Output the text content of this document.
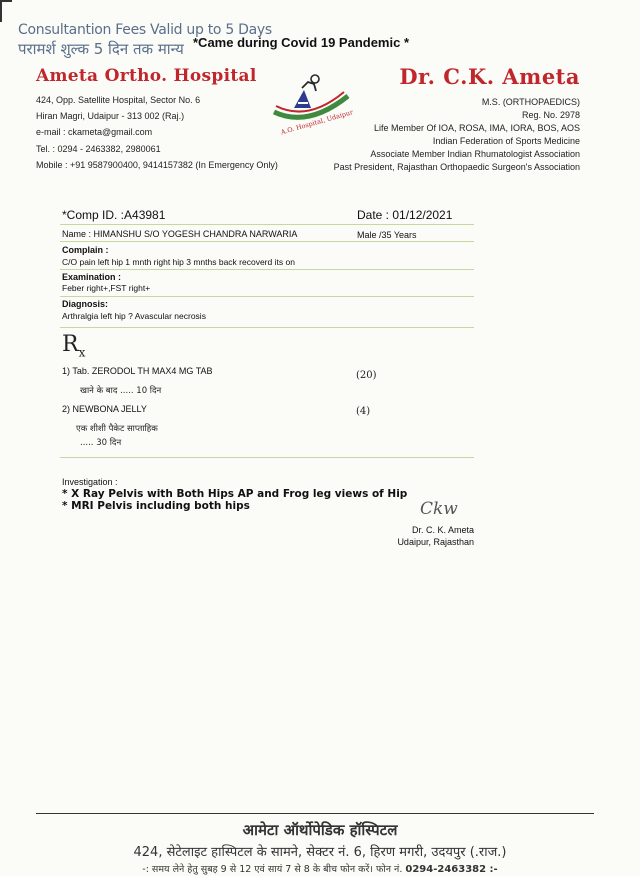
Consultantion Fees Valid up to 5 Days
परामर्श शुल्क 5 दिन तक मान्य *Came during Covid 19 Pandemic *
Ameta Ortho. Hospital
424, Opp. Satellite Hospital, Sector No. 6
Hiran Magri, Udaipur - 313 002 (Raj.)
e-mail : ckameta@gmail.com
Tel. : 0294 - 2463382, 2980061
Mobile : +91 9587900400, 9414157382 (In Emergency Only)
A.O. Hospital, Udaipur
Dr. C.K. Ameta
M.S. (ORTHOPAEDICS)
Reg. No. 2978
Life Member Of IOA, ROSA, IMA, IORA, BOS, AOS
Indian Federation of Sports Medicine
Associate Member Indian Rhumatologist Association
Past President, Rajasthan Orthopaedic Surgeon's Association
*Comp ID. :A43981	Date : 01/12/2021
Name : HIMANSHU S/O YOGESH CHANDRA NARWARIA	Male /35 Years
Complain :
C/O pain left hip 1 mnth right hip 3 mnths back recoverd its on
Examination :
Feber right+,FST right+
Diagnosis:
Arthralgia left hip ? Avascular necrosis
$R_x$
1) Tab. ZERODOL TH MAX4 MG TAB	(20)
खाने के बाद ..... 10 दिन
2) NEWBONA JELLY	(4)
एक शीशी पैकेट साप्ताहिक
..... 30 दिन
Investigation :
* X Ray Pelvis with Both Hips AP and Frog leg views of Hip
* MRI Pelvis including both hips	Ckw
Dr. C. K. Ameta
Udaipur, Rajasthan
आमेटा ऑर्थोपेडिक हॉस्पिटल
424, सेटेलाइट हास्पिटल के सामने, सेक्टर नं. 6, हिरण मगरी, उदयपुर (.राज.)
-: समय लेने हेतु सुबह 9 से 12 एवं सायं 7 से 8 के बीच फोन करें। फोन नं. 0294-2463382 :-
